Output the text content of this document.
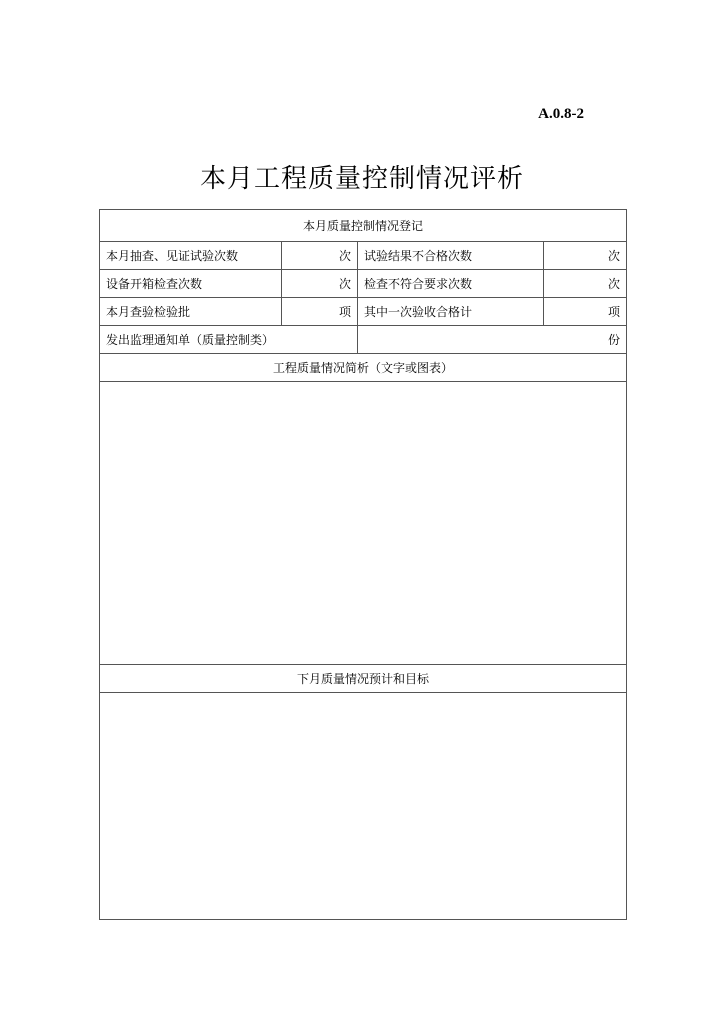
A.0.8-2
本月工程质量控制情况评析
本月质量控制情况登记			
本月抽查、见证试验次数	次	试验结果不合格次数	次
设备开箱检查次数	次	检查不符合要求次数	次
本月查验检验批	项	其中一次验收合格计	项
发出监理通知单（质量控制类）		份	
工程质量情况简析（文字或图表）			

下月质量情况预计和目标			
